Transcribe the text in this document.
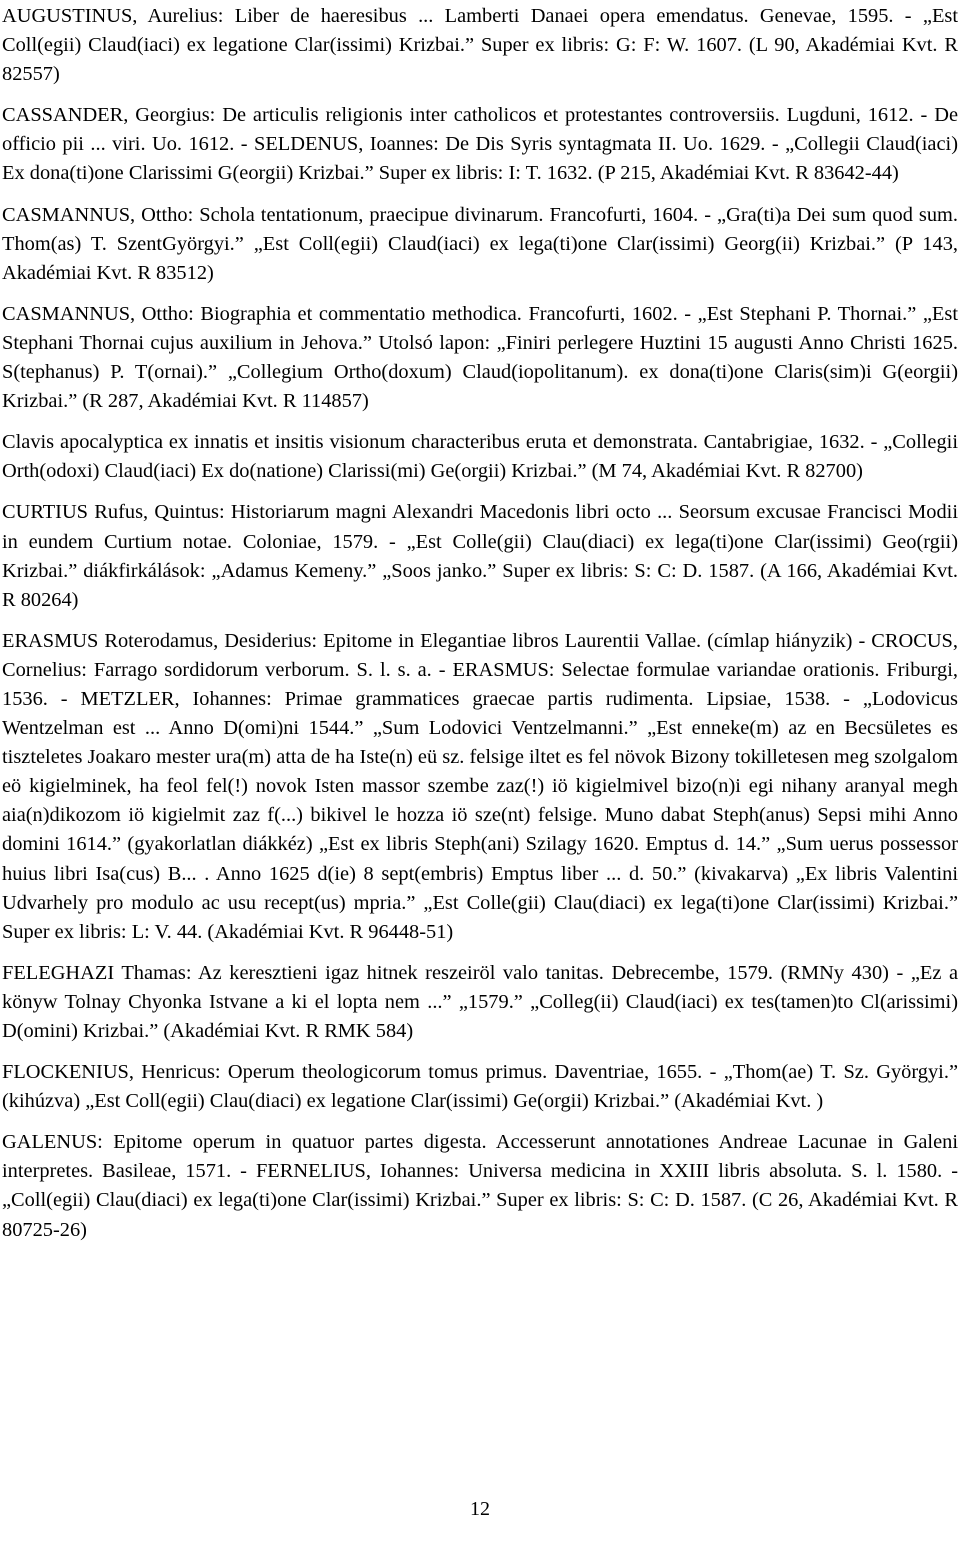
AUGUSTINUS, Aurelius: Liber de haeresibus ... Lamberti Danaei opera emendatus. Genevae, 1595. - „Est Coll(egii) Claud(iaci) ex legatione Clar(issimi) Krizbai.” Super ex libris: G: F: W. 1607. (L 90, Akadémiai Kvt. R 82557)

CASSANDER, Georgius: De articulis religionis inter catholicos et protestantes controversiis. Lugduni, 1612. - De officio pii ... viri. Uo. 1612. - SELDENUS, Ioannes: De Dis Syris syntagmata II. Uo. 1629. - „Collegii Claud(iaci) Ex dona(ti)one Clarissimi G(eorgii) Krizbai.” Super ex libris: I: T. 1632. (P 215, Akadémiai Kvt. R 83642-44)

CASMANNUS, Ottho: Schola tentationum, praecipue divinarum. Francofurti, 1604. - „Gra(ti)a Dei sum quod sum. Thom(as) T. SzentGyörgyi.” „Est Coll(egii) Claud(iaci) ex lega(ti)one Clar(issimi) Georg(ii) Krizbai.” (P 143, Akadémiai Kvt. R 83512)

CASMANNUS, Ottho: Biographia et commentatio methodica. Francofurti, 1602. - „Est Stephani P. Thornai.” „Est Stephani Thornai cujus auxilium in Jehova.” Utolsó lapon: „Finiri perlegere Huztini 15 augusti Anno Christi 1625. S(tephanus) P. T(ornai).” „Collegium Ortho(doxum) Claud(iopolitanum). ex dona(ti)one Claris(sim)i G(eorgii) Krizbai.” (R 287, Akadémiai Kvt. R 114857)

Clavis apocalyptica ex innatis et insitis visionum characteribus eruta et demonstrata. Cantabrigiae, 1632. - „Collegii Orth(odoxi) Claud(iaci) Ex do(natione) Clarissi(mi) Ge(orgii) Krizbai.” (M 74, Akadémiai Kvt. R 82700)

CURTIUS Rufus, Quintus: Historiarum magni Alexandri Macedonis libri octo ... Seorsum excusae Francisci Modii in eundem Curtium notae. Coloniae, 1579. - „Est Colle(gii) Clau(diaci) ex lega(ti)one Clar(issimi) Geo(rgii) Krizbai.” diákfirkálások: „Adamus Kemeny.” „Soos janko.” Super ex libris: S: C: D. 1587. (A 166, Akadémiai Kvt. R 80264)

ERASMUS Roterodamus, Desiderius: Epitome in Elegantiae libros Laurentii Vallae. (címlap hiányzik) - CROCUS, Cornelius: Farrago sordidorum verborum. S. l. s. a. - ERASMUS: Selectae formulae variandae orationis. Friburgi, 1536. - METZLER, Iohannes: Primae grammatices graecae partis rudimenta. Lipsiae, 1538. - „Lodovicus Wentzelman est ... Anno D(omi)ni 1544.” „Sum Lodovici Ventzelmanni.” „Est enneke(m) az en Becsületes es tiszteletes Joakaro mester ura(m) atta de ha Iste(n) eü sz. felsige iltet es fel növok Bizony tokilletesen meg szolgalom eö kigielminek, ha feol fel(!) novok Isten massor szembe zaz(!) iö kigielmivel bizo(n)i egi nihany aranyal megh aia(n)dikozom iö kigielmit zaz f(...) bikivel le hozza iö sze(nt) felsige. Muno dabat Steph(anus) Sepsi mihi Anno domini 1614.” (gyakorlatlan diákkéz) „Est ex libris Steph(ani) Szilagy 1620. Emptus d. 14.” „Sum uerus possessor huius libri Isa(cus) B... . Anno 1625 d(ie) 8 sept(embris) Emptus liber ... d. 50.” (kivakarva) „Ex libris Valentini Udvarhely pro modulo ac usu recept(us) mpria.” „Est Colle(gii) Clau(diaci) ex lega(ti)one Clar(issimi) Krizbai.” Super ex libris: L: V. 44. (Akadémiai Kvt. R 96448-51)

FELEGHAZI Thamas: Az keresztieni igaz hitnek reszeiröl valo tanitas. Debrecembe, 1579. (RMNy 430) - „Ez a könyw Tolnay Chyonka Istvane a ki el lopta nem ...” „1579.” „Colleg(ii) Claud(iaci) ex tes(tamen)to Cl(arissimi) D(omini) Krizbai.” (Akadémiai Kvt. R RMK 584)

FLOCKENIUS, Henricus: Operum theologicorum tomus primus. Daventriae, 1655. - „Thom(ae) T. Sz. Györgyi.” (kihúzva) „Est Coll(egii) Clau(diaci) ex legatione Clar(issimi) Ge(orgii) Krizbai.” (Akadémiai Kvt. )

GALENUS: Epitome operum in quatuor partes digesta. Accesserunt annotationes Andreae Lacunae in Galeni interpretes. Basileae, 1571. - FERNELIUS, Iohannes: Universa medicina in XXIII libris absoluta. S. l. 1580. - „Coll(egii) Clau(diaci) ex lega(ti)one Clar(issimi) Krizbai.” Super ex libris: S: C: D. 1587. (C 26, Akadémiai Kvt. R 80725-26)

12
